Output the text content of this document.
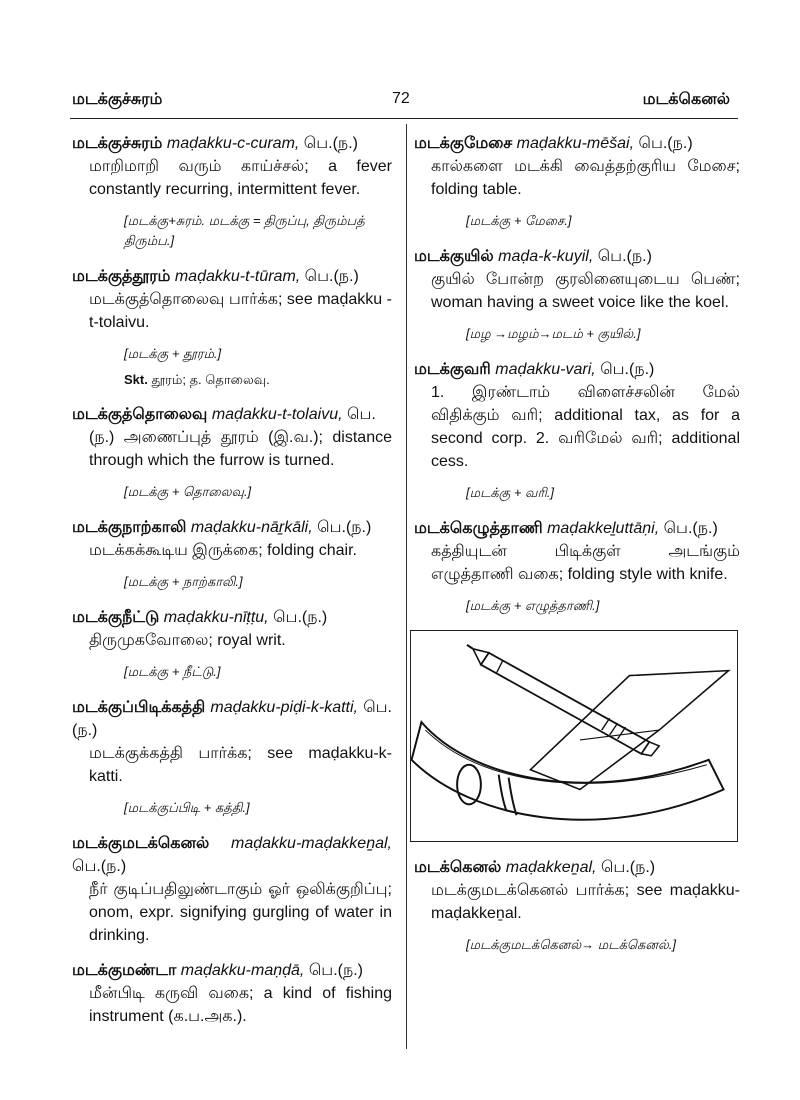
மடக்குச்சுரம்	72	மடக்கெனல்
மடக்குச்சுரம் maḍakku-c-curam, பெ.(ந.)
மாறிமாறி வரும் காய்ச்சல்; a fever constantly recurring, intermittent fever.
[மடக்கு+சுரம். மடக்கு = திருப்பு, திரும்பத் திரும்ப.]
மடக்குத்தூரம் maḍakku-t-tūram, பெ.(ந.)
மடக்குத்தொலைவு பார்க்க; see maḍakku -t-tolaivu.
[மடக்கு + தூரம்.]
Skt. தூரம்; த. தொலைவு.
மடக்குத்தொலைவு maḍakku-t-tolaivu, பெ.
(ந.) அணைப்புத் தூரம் (இ.வ.); distance through which the furrow is turned.
[மடக்கு + தொலைவு.]
மடக்குநாற்காலி maḍakku-nāṟkāli, பெ.(ந.)
மடக்கக்கூடிய இருக்கை; folding chair.
[மடக்கு + நாற்காலி.]
மடக்குநீட்டு maḍakku-nīṭṭu, பெ.(ந.)
திருமுகவோலை; royal writ.
[மடக்கு + நீட்டு.]
மடக்குப்பிடிக்கத்தி maḍakku-piḍi-k-katti, பெ.(ந.)
மடக்குக்கத்தி பார்க்க; see maḍakku-k-katti.
[மடக்குப்பிடி + கத்தி.]
மடக்குமடக்கெனல் maḍakku-maḍakkeṉal, பெ.(ந.)
நீர் குடிப்பதிலுண்டாகும் ஓர் ஒலிக்குறிப்பு; onom, expr. signifying gurgling of water in drinking.
மடக்குமண்டா maḍakku-maṇḍā, பெ.(ந.)
மீன்பிடி கருவி வகை; a kind of fishing instrument (க.ப.அக.).
மடக்குமேசை maḍakku-mēšai, பெ.(ந.)
கால்களை மடக்கி வைத்தற்குரிய மேசை; folding table.
[மடக்கு + மேசை.]
மடக்குயில் maḍa-k-kuyil, பெ.(ந.)
குயில் போன்ற குரலினையுடைய பெண்; woman having a sweet voice like the koel.
[மழ →மழம்→மடம் + குயில்.]
மடக்குவரி maḍakku-vari, பெ.(ந.)
1. இரண்டாம் விளைச்சலின் மேல் விதிக்கும் வரி; additional tax, as for a second corp. 2. வரிமேல் வரி; additional cess.
[மடக்கு + வரி.]
மடக்கெழுத்தாணி maḍakkeḻuttāṇi, பெ.(ந.)
கத்தியுடன் பிடிக்குள் அடங்கும் எழுத்தாணி வகை; folding style with knife.
[மடக்கு + எழுத்தாணி.]
மடக்கெனல் maḍakkeṉal, பெ.(ந.)
மடக்குமடக்கெனல் பார்க்க; see maḍakku-maḍakkeṉal.
[மடக்குமடக்கெனல்→ மடக்கெனல்.]
